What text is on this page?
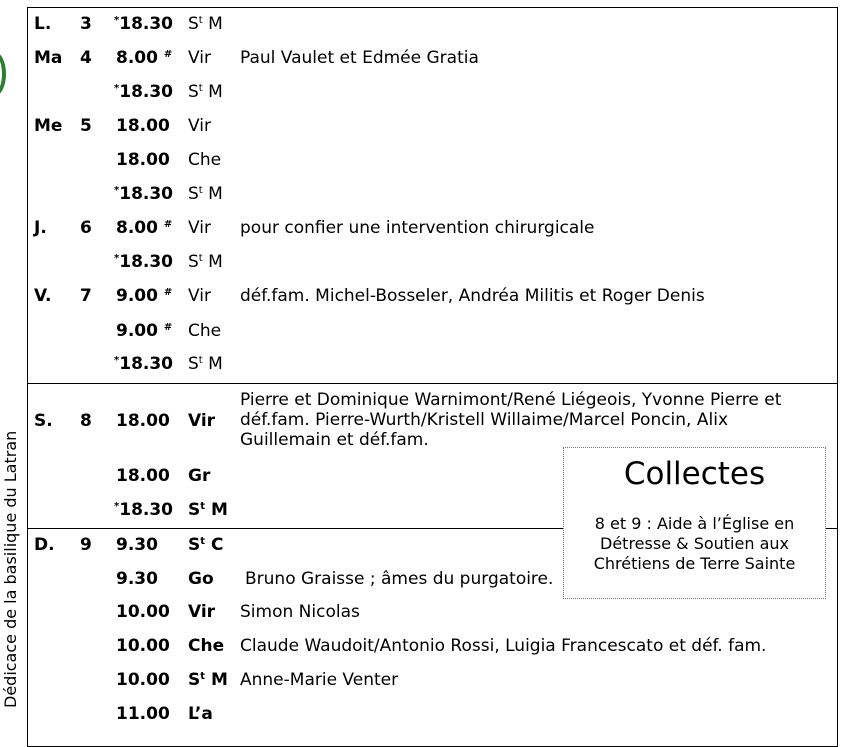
Dédicace de la basilique du Latran
L. 3 *18.30 $S^t$ M
Ma 4 8.00 # Vir Paul Vaulet et Edmée Gratia
*18.30 $S^t$ M
Me 5 18.00 Vir
18.00 Che
*18.30 $S^t$ M
J. 6 8.00 # Vir pour confier une intervention chirurgicale
*18.30 $S^t$ M
V. 7 9.00 # Vir déf.fam. Michel-Bosseler, Andréa Militis et Roger Denis
9.00 # Che
*18.30 $S^t$ M
S. 8 18.00 Vir
18.00 Gr
*18.30 $S^t$ M
D. 9 9.30 $S^t$ C
9.30 Go Bruno Graisse ; âmes du purgatoire.
10.00 Vir Simon Nicolas
10.00 Che Claude Waudoit/Antonio Rossi, Luigia Francescato et déf. fam.
10.00 $S^t$ M Anne-Marie Venter
11.00 L’a
Pierre et Dominique Warnimont/René Liégeois, Yvonne Pierre et
déf.fam. Pierre-Wurth/Kristell Willaime/Marcel Poncin, Alix
Guillemain et déf.fam.
Collectes
8 et 9 : Aide à l’Église en
Détresse & Soutien aux
Chrétiens de Terre Sainte
